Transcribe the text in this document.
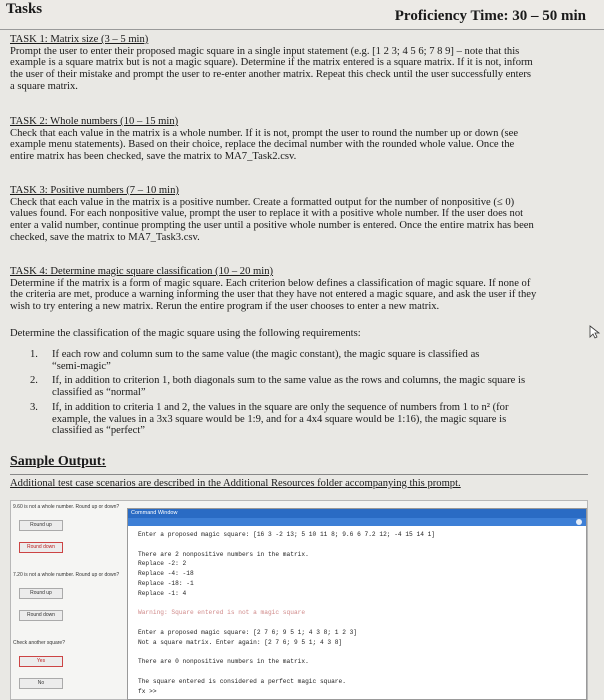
Tasks	Proficiency Time: 30 – 50 min
TASK 1: Matrix size (3 – 5 min)
Prompt the user to enter their proposed magic square in a single input statement (e.g. [1 2 3; 4 5 6; 7 8 9] – note that this
example is a square matrix but is not a magic square). Determine if the matrix entered is a square matrix. If it is not, inform
the user of their mistake and prompt the user to re-enter another matrix. Repeat this check until the user successfully enters
a square matrix.
TASK 2: Whole numbers (10 – 15 min)
Check that each value in the matrix is a whole number. If it is not, prompt the user to round the number up or down (see
example menu statements). Based on their choice, replace the decimal number with the rounded whole value. Once the
entire matrix has been checked, save the matrix to MA7_Task2.csv.
TASK 3: Positive numbers (7 – 10 min)
Check that each value in the matrix is a positive number. Create a formatted output for the number of nonpositive (≤ 0)
values found. For each nonpositive value, prompt the user to replace it with a positive whole number. If the user does not
enter a valid number, continue prompting the user until a positive whole number is entered. Once the entire matrix has been
checked, save the matrix to MA7_Task3.csv.
TASK 4: Determine magic square classification (10 – 20 min)
Determine if the matrix is a form of magic square. Each criterion below defines a classification of magic square. If none of
the criteria are met, produce a warning informing the user that they have not entered a magic square, and ask the user if they
wish to try entering a new matrix. Rerun the entire program if the user chooses to enter a new matrix.
Determine the classification of the magic square using the following requirements:
1. If each row and column sum to the same value (the magic constant), the magic square is classified as
“semi-magic”
2. If, in addition to criterion 1, both diagonals sum to the same value as the rows and columns, the magic square is
classified as “normal”
3. If, in addition to criteria 1 and 2, the values in the square are only the sequence of numbers from 1 to n² (for
example, the values in a 3x3 square would be 1:9, and for a 4x4 square would be 1:16), the magic square is
classified as “perfect”
Sample Output:
Additional test case scenarios are described in the Additional Resources folder accompanying this prompt.
9.60 is not a whole number. Round up or down?
7.20 is not a whole number. Round up or down?
Check another square?
Round up
Round down
Round up
Round down
Yes
No
Command Window
Enter a proposed magic square: [16 3 -2 13; 5 10 11 8; 9.6 6 7.2 12; -4 15 14 1]
There are 2 nonpositive numbers in the matrix.
Replace -2: 2
Replace -4: -18
Replace -18: -1
Replace -1: 4
Warning: Square entered is not a magic square
Enter a proposed magic square: [2 7 6; 9 5 1; 4 3 8; 1 2 3]
Not a square matrix. Enter again: [2 7 6; 9 5 1; 4 3 8]
There are 0 nonpositive numbers in the matrix.
The square entered is considered a perfect magic square.
fx >>
